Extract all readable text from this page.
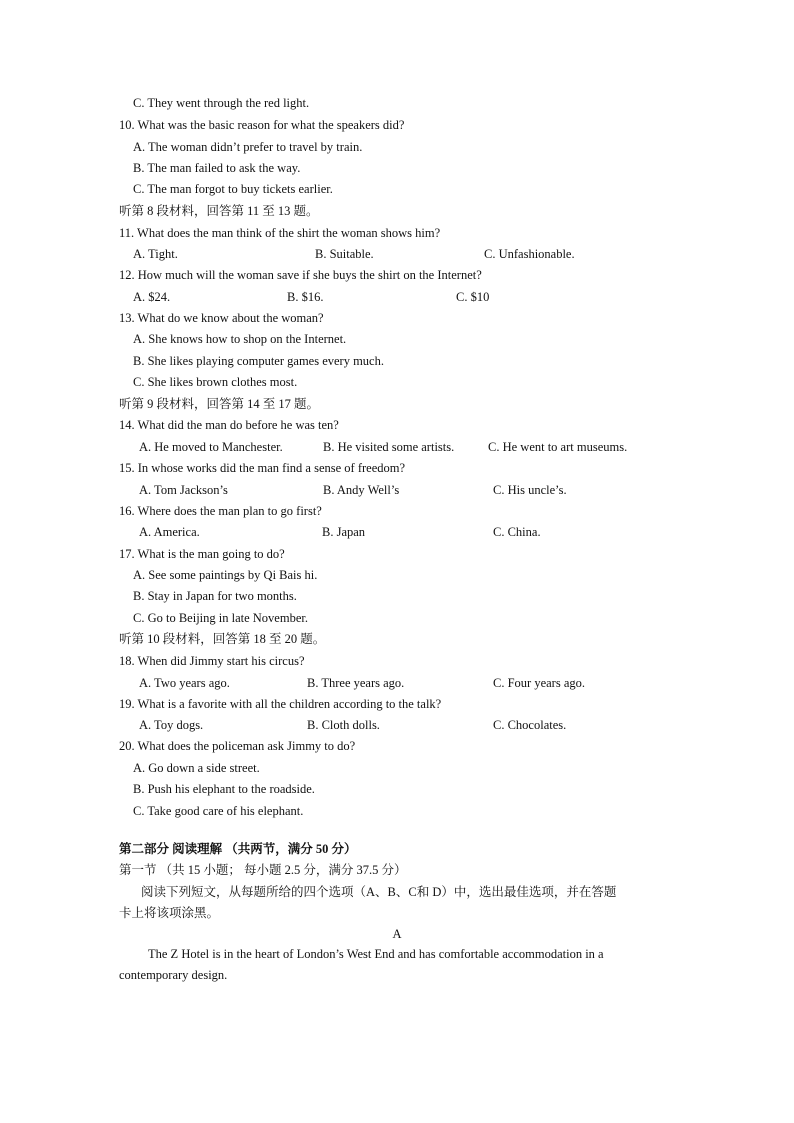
C. They went through the red light.
10. What was the basic reason for what the speakers did?
A. The woman didn’t prefer to travel by train.
B. The man failed to ask the way.
C. The man forgot to buy tickets earlier.
听第 8 段材料，回答第 11 至 13 题。
11. What does the man think of the shirt the woman shows him?
A. Tight.	B. Suitable.	C. Unfashionable.
12. How much will the woman save if she buys the shirt on the Internet?
A. $24.	B. $16.	C. $10
13. What do we know about the woman?
A. She knows how to shop on the Internet.
B. She likes playing computer games every much.
C. She likes brown clothes most.
听第 9 段材料，回答第 14 至 17 题。
14. What did the man do before he was ten?
A. He moved to Manchester.	B. He visited some artists.	C. He went to art museums.
15. In whose works did the man find a sense of freedom?
A. Tom Jackson’s	B. Andy Well’s	C. His uncle’s.
16. Where does the man plan to go first?
A. America.	B. Japan	C. China.
17. What is the man going to do?
A. See some paintings by Qi Bais hi.
B. Stay in Japan for two months.
C. Go to Beijing in late November.
听第 10 段材料，回答第 18 至 20 题。
18. When did Jimmy start his circus?
A. Two years ago.	B. Three years ago.	C. Four years ago.
19. What is a favorite with all the children according to the talk?
A. Toy dogs.	B. Cloth dolls.	C. Chocolates.
20. What does the policeman ask Jimmy to do?
A. Go down a side street.
B. Push his elephant to the roadside.
C. Take good care of his elephant.
第二部分 阅读理解 （共两节，满分 50 分）
第一节 （共 15 小题； 每小题 2.5 分，满分 37.5 分）
阅读下列短文，从每题所给的四个选项（A、B、C和 D）中，选出最佳选项，并在答题
卡上将该项涂黑。
A
The Z Hotel is in the heart of London’s West End and has comfortable accommodation in a
contemporary design.
